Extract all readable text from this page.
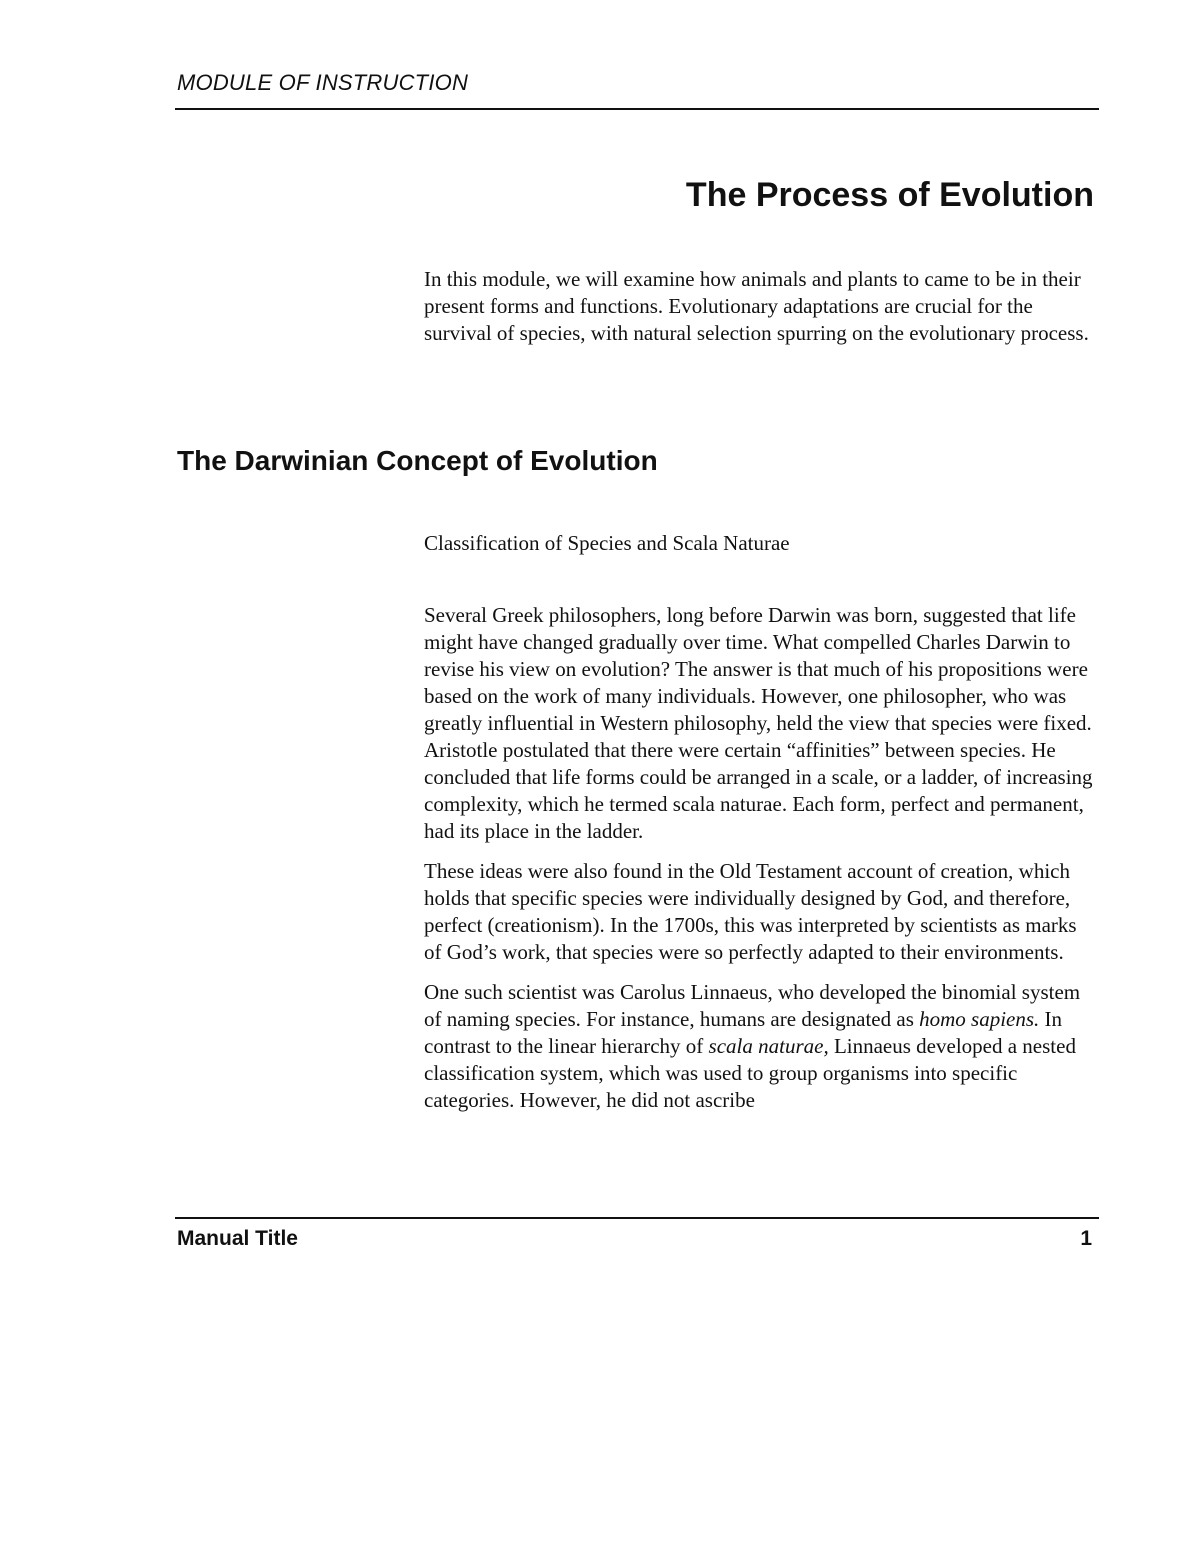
MODULE OF INSTRUCTION
The Process of Evolution

In this module, we will examine how animals and plants to came to be in their present forms and functions. Evolutionary adaptations are crucial for the survival of species, with natural selection spurring on the evolutionary process.

The Darwinian Concept of Evolution

Classification of Species and Scala Naturae

Several Greek philosophers, long before Darwin was born, suggested that life might have changed gradually over time. What compelled Charles Darwin to revise his view on evolution? The answer is that much of his propositions were based on the work of many individuals. However, one philosopher, who was greatly influential in Western philosophy, held the view that species were fixed. Aristotle postulated that there were certain “affinities” between species. He concluded that life forms could be arranged in a scale, or a ladder, of increasing complexity, which he termed scala naturae. Each form, perfect and permanent, had its place in the ladder.

These ideas were also found in the Old Testament account of creation, which holds that specific species were individually designed by God, and therefore, perfect (creationism). In the 1700s, this was interpreted by scientists as marks of God’s work, that species were so perfectly adapted to their environments.

One such scientist was Carolus Linnaeus, who developed the binomial system of naming species. For instance, humans are designated as homo sapiens. In contrast to the linear hierarchy of scala naturae, Linnaeus developed a nested classification system, which was used to group organisms into specific categories. However, he did not ascribe

Manual Title	1
